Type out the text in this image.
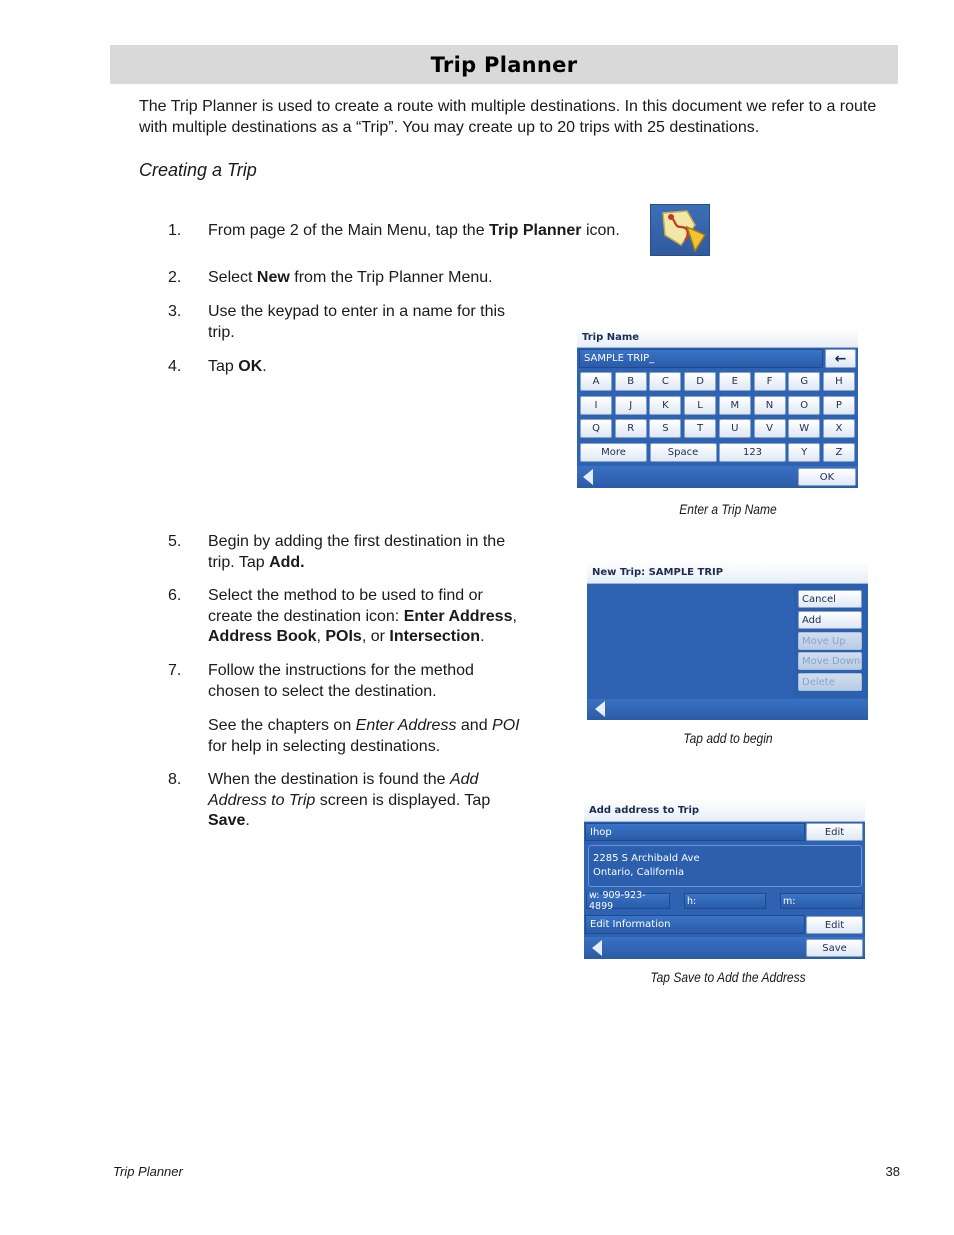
Trip Planner
The Trip Planner is used to create a route with multiple destinations. In this document we refer to a route with multiple destinations as a “Trip”. You may create up to 20 trips with 25 destinations.
Creating a Trip
1.	From page 2 of the Main Menu, tap the Trip Planner icon.
2.	Select New from the Trip Planner Menu.
3.	Use the keypad to enter in a name for this
trip.
4.	Tap OK.
5.	Begin by adding the first destination in the
trip. Tap Add.
6.	Select the method to be used to find or
create the destination icon: Enter Address,
Address Book, POIs, or Intersection.
7.	Follow the instructions for the method
chosen to select the destination.
See the chapters on Enter Address and POI
for help in selecting destinations.
8.	When the destination is found the Add
Address to Trip screen is displayed. Tap
Save.
Trip Name
SAMPLE TRIP_	←
OK
A	B	C	D	E	F	G	H
I	J	K	L	M	N	O	P
Q	R	S	T	U	V	W	X
More	Space	123	Y	Z
Enter a Trip Name
New Trip: SAMPLE TRIP
Cancel
Add
Move Up
Move Down
Delete
Tap add to begin
Add address to Trip
Ihop	Edit
2285 S Archibald Ave
Ontario, California
w: 909-923-4899	h:	m:
Edit Information	Edit
Save
Tap Save to Add the Address
Trip Planner	38
